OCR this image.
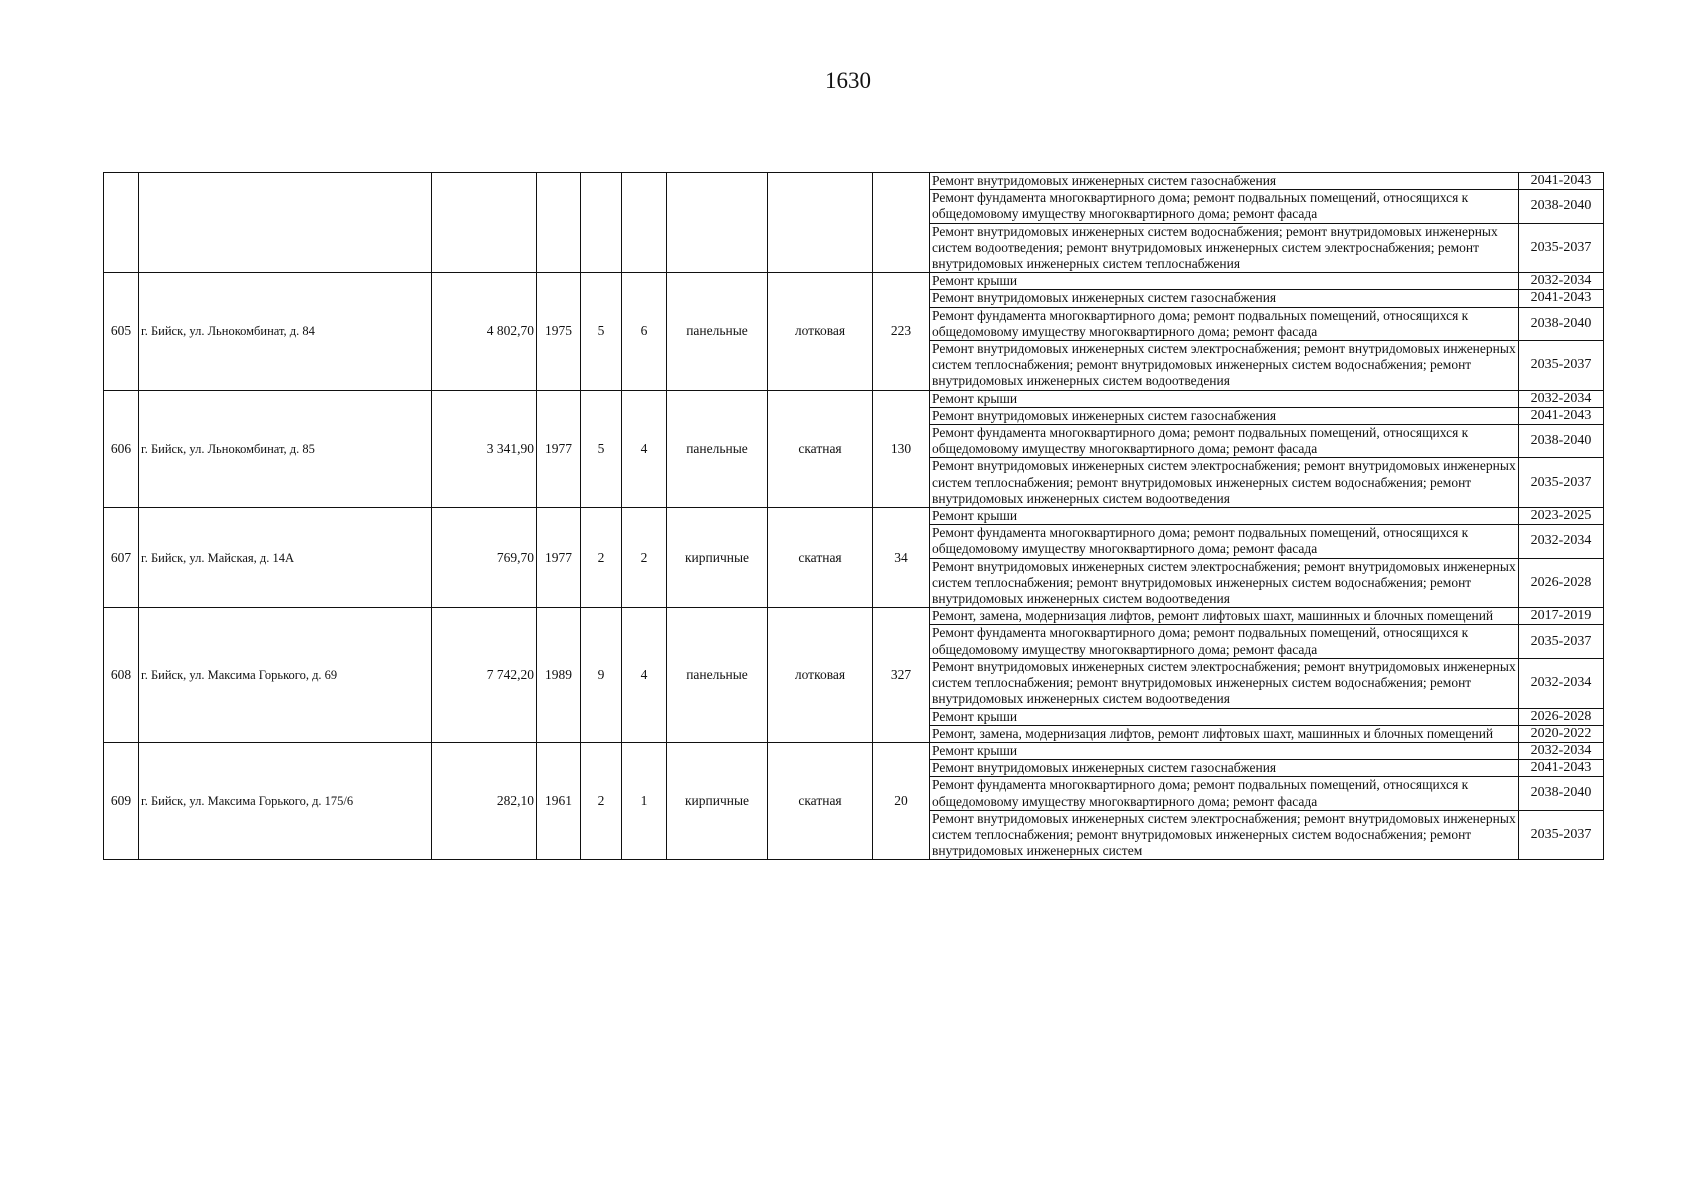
1630
									Ремонт внутридомовых инженерных систем газоснабжения	2041-2043
									Ремонт фундамента многоквартирного дома; ремонт подвальных помещений, относящихся к общедомовому имуществу многоквартирного дома; ремонт фасада	2038-2040
									Ремонт внутридомовых инженерных систем водоснабжения; ремонт внутридомовых инженерных систем водоотведения; ремонт внутридомовых инженерных систем электроснабжения; ремонт внутридомовых инженерных систем теплоснабжения	2035-2037
605	г. Бийск, ул. Льнокомбинат, д. 84	4 802,70	1975	5	6	панельные	лотковая	223	Ремонт крыши	2032-2034
									Ремонт внутридомовых инженерных систем газоснабжения	2041-2043
									Ремонт фундамента многоквартирного дома; ремонт подвальных помещений, относящихся к общедомовому имуществу многоквартирного дома; ремонт фасада	2038-2040
									Ремонт внутридомовых инженерных систем электроснабжения; ремонт внутридомовых инженерных систем теплоснабжения; ремонт внутридомовых инженерных систем водоснабжения; ремонт внутридомовых инженерных систем водоотведения	2035-2037
606	г. Бийск, ул. Льнокомбинат, д. 85	3 341,90	1977	5	4	панельные	скатная	130	Ремонт крыши	2032-2034
									Ремонт внутридомовых инженерных систем газоснабжения	2041-2043
									Ремонт фундамента многоквартирного дома; ремонт подвальных помещений, относящихся к общедомовому имуществу многоквартирного дома; ремонт фасада	2038-2040
									Ремонт внутридомовых инженерных систем электроснабжения; ремонт внутридомовых инженерных систем теплоснабжения; ремонт внутридомовых инженерных систем водоснабжения; ремонт внутридомовых инженерных систем водоотведения	2035-2037
607	г. Бийск, ул. Майская, д. 14А	769,70	1977	2	2	кирпичные	скатная	34	Ремонт крыши	2023-2025
									Ремонт фундамента многоквартирного дома; ремонт подвальных помещений, относящихся к общедомовому имуществу многоквартирного дома; ремонт фасада	2032-2034
									Ремонт внутридомовых инженерных систем электроснабжения; ремонт внутридомовых инженерных систем теплоснабжения; ремонт внутридомовых инженерных систем водоснабжения; ремонт внутридомовых инженерных систем водоотведения	2026-2028
608	г. Бийск, ул. Максима Горького, д. 69	7 742,20	1989	9	4	панельные	лотковая	327	Ремонт, замена, модернизация лифтов, ремонт лифтовых шахт, машинных и блочных помещений	2017-2019
									Ремонт фундамента многоквартирного дома; ремонт подвальных помещений, относящихся к общедомовому имуществу многоквартирного дома; ремонт фасада	2035-2037
									Ремонт внутридомовых инженерных систем электроснабжения; ремонт внутридомовых инженерных систем теплоснабжения; ремонт внутридомовых инженерных систем водоснабжения; ремонт внутридомовых инженерных систем водоотведения	2032-2034
									Ремонт крыши	2026-2028
									Ремонт, замена, модернизация лифтов, ремонт лифтовых шахт, машинных и блочных помещений	2020-2022
609	г. Бийск, ул. Максима Горького, д. 175/6	282,10	1961	2	1	кирпичные	скатная	20	Ремонт крыши	2032-2034
									Ремонт внутридомовых инженерных систем газоснабжения	2041-2043
									Ремонт фундамента многоквартирного дома; ремонт подвальных помещений, относящихся к общедомовому имуществу многоквартирного дома; ремонт фасада	2038-2040
									Ремонт внутридомовых инженерных систем электроснабжения; ремонт внутридомовых инженерных систем теплоснабжения; ремонт внутридомовых инженерных систем водоснабжения; ремонт внутридомовых инженерных систем	2035-2037
